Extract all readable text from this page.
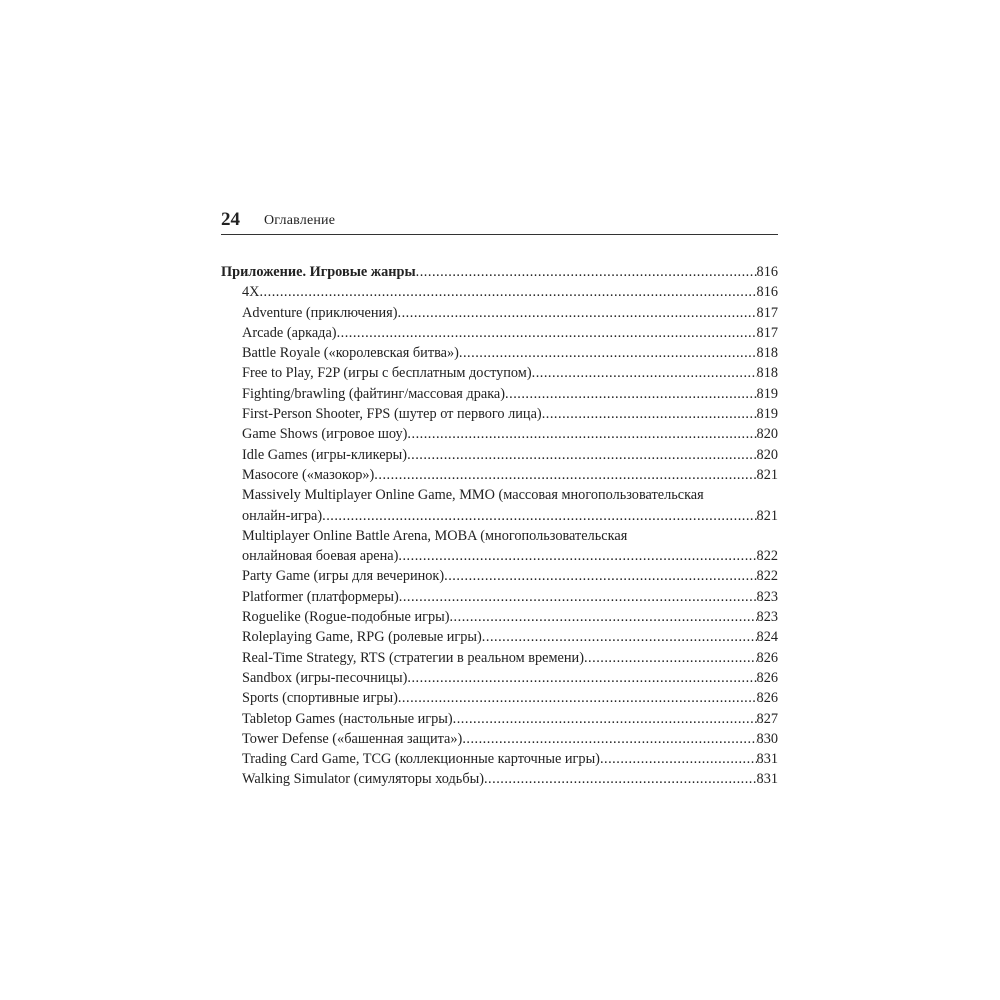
24 Оглавление
Приложение. Игровые жанры .....	816
4X .....	816
Adventure (приключения) .....	817
Arcade (аркада) .....	817
Battle Royale («королевская битва») .....	818
Free to Play, F2P (игры с бесплатным доступом) .....	818
Fighting/brawling (файтинг/массовая драка) .....	819
First-Person Shooter, FPS (шутер от первого лица) .....	819
Game Shows (игровое шоу) .....	820
Idle Games (игры-кликеры) .....	820
Masocore («мазокор») .....	821
Massively Multiplayer Online Game, MMO (массовая многопользовательская
онлайн-игра) .....	821
Multiplayer Online Battle Arena, MOBA (многопользовательская
онлайновая боевая арена) .....	822
Party Game (игры для вечеринок) .....	822
Platformer (платформеры) .....	823
Roguelike (Rogue-подобные игры) .....	823
Roleplaying Game, RPG (ролевые игры) .....	824
Real-Time Strategy, RTS (стратегии в реальном времени) .....	826
Sandbox (игры-песочницы) .....	826
Sports (спортивные игры) .....	826
Tabletop Games (настольные игры) .....	827
Tower Defense («башенная защита») .....	830
Trading Card Game, TCG (коллекционные карточные игры) .....	831
Walking Simulator (симуляторы ходьбы) .....	831
